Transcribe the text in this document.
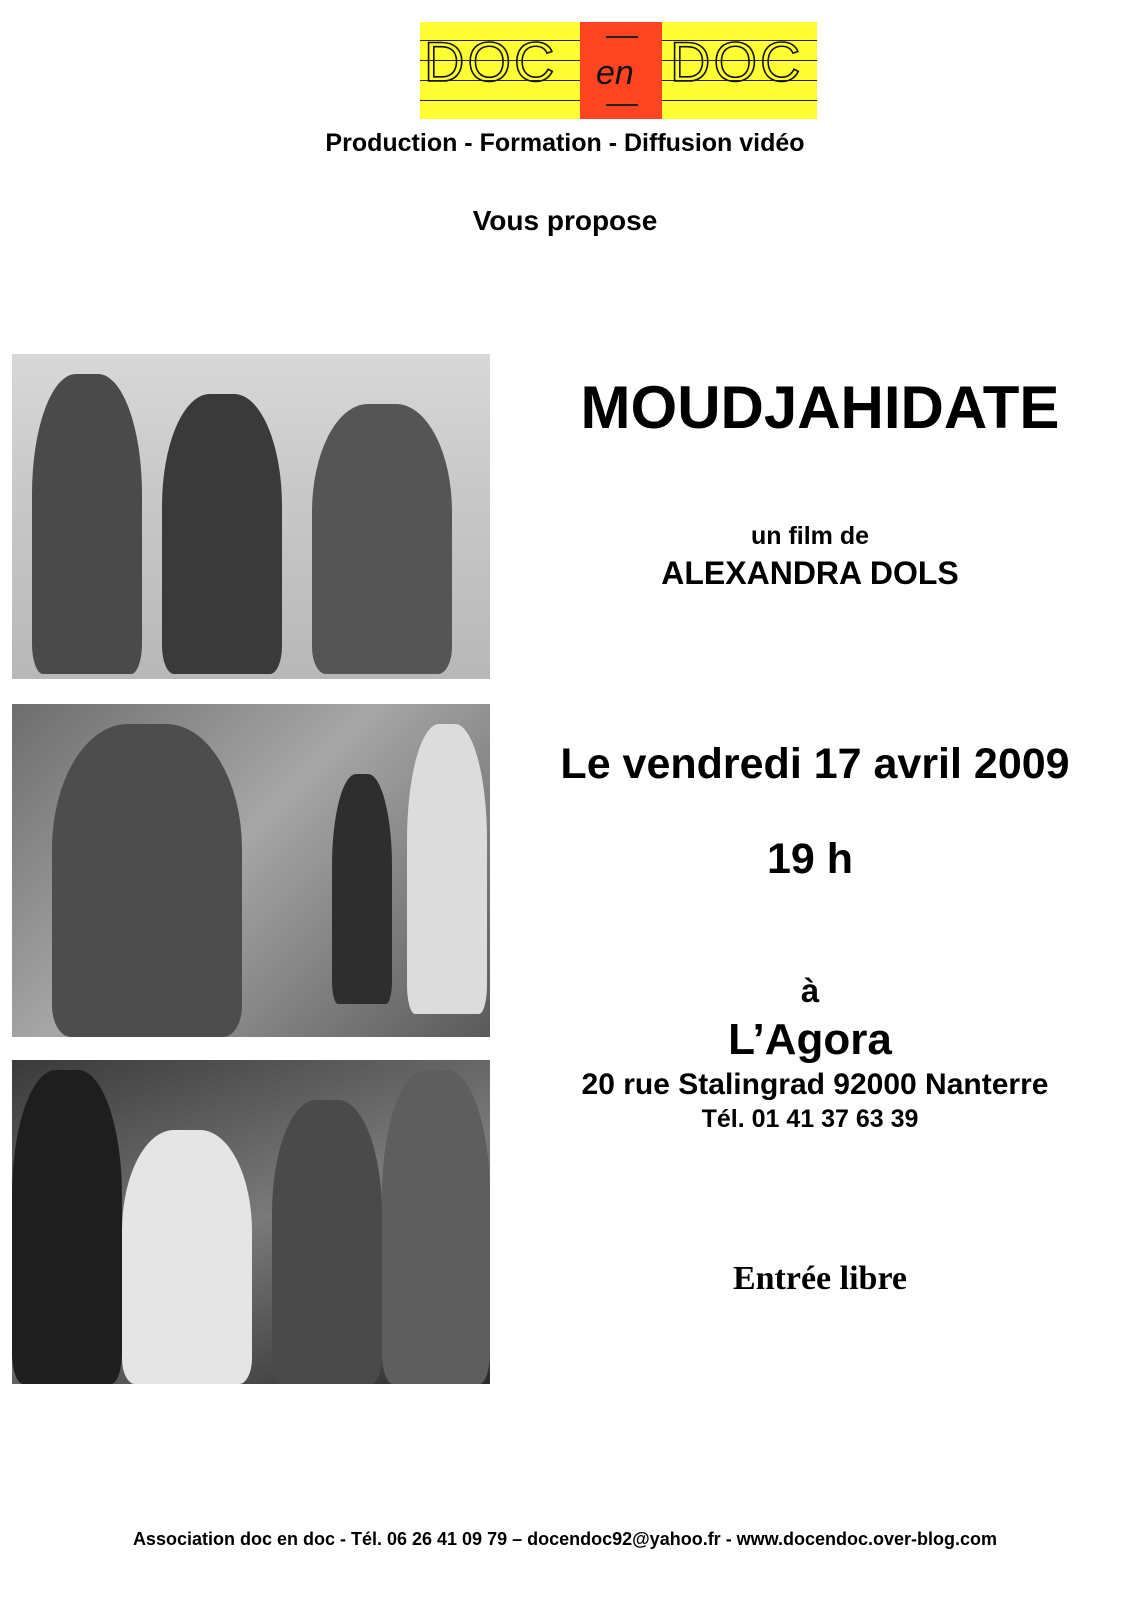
DOC en DOC
Production - Formation - Diffusion vidéo
Vous propose
MOUDJAHIDATE
un film de
ALEXANDRA DOLS
Le vendredi 17 avril 2009
19 h
à
L’Agora
20 rue Stalingrad 92000 Nanterre
Tél. 01 41 37 63 39
Entrée libre
Association doc en doc - Tél. 06 26 41 09 79 – docendoc92@yahoo.fr - www.docendoc.over-blog.com
